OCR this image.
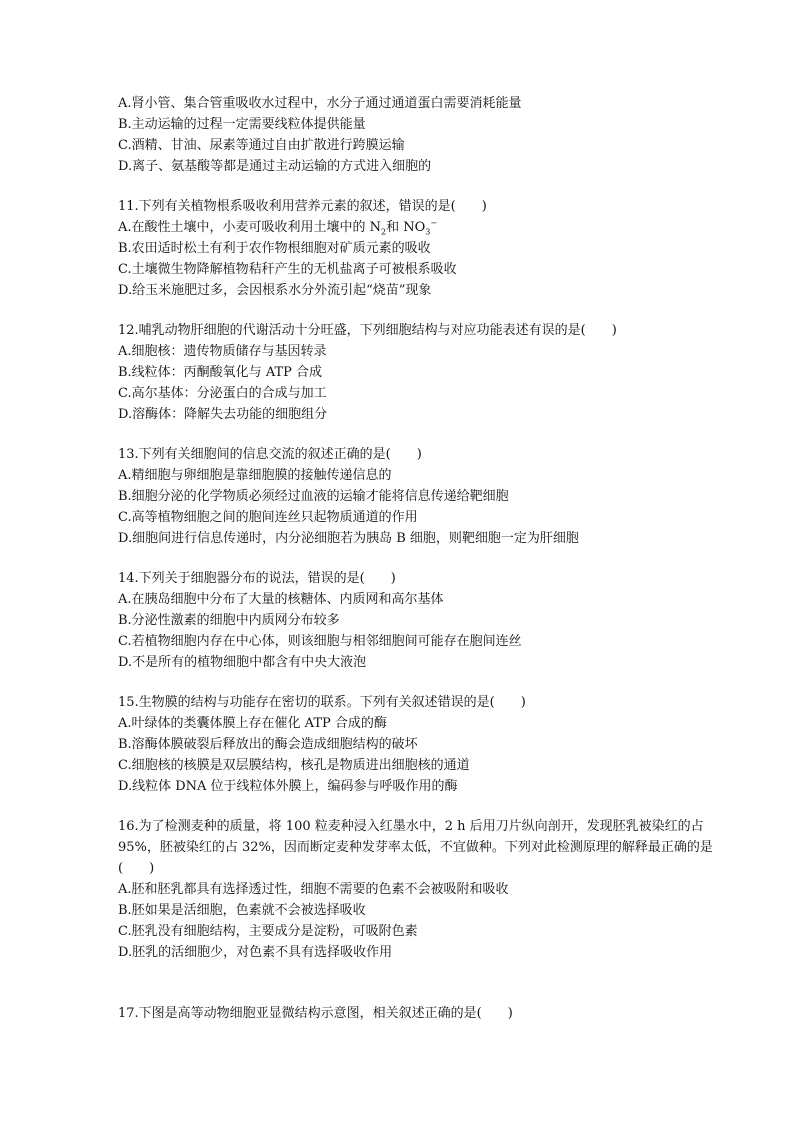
A.肾小管、集合管重吸收水过程中，水分子通过通道蛋白需要消耗能量
B.主动运输的过程一定需要线粒体提供能量
C.酒精、甘油、尿素等通过自由扩散进行跨膜运输
D.离子、氨基酸等都是通过主动运输的方式进入细胞的
11.下列有关植物根系吸收利用营养元素的叙述，错误的是(　　)
A.在酸性土壤中，小麦可吸收利用土壤中的 $N_2$和 $NO_3^-$
B.农田适时松土有利于农作物根细胞对矿质元素的吸收
C.土壤微生物降解植物秸秆产生的无机盐离子可被根系吸收
D.给玉米施肥过多，会因根系水分外流引起“烧苗”现象
12.哺乳动物肝细胞的代谢活动十分旺盛，下列细胞结构与对应功能表述有误的是(　　)
A.细胞核：遗传物质储存与基因转录
B.线粒体：丙酮酸氧化与 ATP 合成
C.高尔基体：分泌蛋白的合成与加工
D.溶酶体：降解失去功能的细胞组分
13.下列有关细胞间的信息交流的叙述正确的是(　　)
A.精细胞与卵细胞是靠细胞膜的接触传递信息的
B.细胞分泌的化学物质必须经过血液的运输才能将信息传递给靶细胞
C.高等植物细胞之间的胞间连丝只起物质通道的作用
D.细胞间进行信息传递时，内分泌细胞若为胰岛 B 细胞，则靶细胞一定为肝细胞
14.下列关于细胞器分布的说法，错误的是(　　)
A.在胰岛细胞中分布了大量的核糖体、内质网和高尔基体
B.分泌性激素的细胞中内质网分布较多
C.若植物细胞内存在中心体，则该细胞与相邻细胞间可能存在胞间连丝
D.不是所有的植物细胞中都含有中央大液泡
15.生物膜的结构与功能存在密切的联系。下列有关叙述错误的是(　　)
A.叶绿体的类囊体膜上存在催化 ATP 合成的酶
B.溶酶体膜破裂后释放出的酶会造成细胞结构的破坏
C.细胞核的核膜是双层膜结构，核孔是物质进出细胞核的通道
D.线粒体 DNA 位于线粒体外膜上，编码参与呼吸作用的酶
16.为了检测麦种的质量，将 100 粒麦种浸入红墨水中，2 h 后用刀片纵向剖开，发现胚乳被染红的占 95%，胚被染红的占 32%，因而断定麦种发芽率太低，不宜做种。下列对此检测原理的解释最正确的是(　　)
A.胚和胚乳都具有选择透过性，细胞不需要的色素不会被吸附和吸收
B.胚如果是活细胞，色素就不会被选择吸收
C.胚乳没有细胞结构，主要成分是淀粉，可吸附色素
D.胚乳的活细胞少，对色素不具有选择吸收作用
17.下图是高等动物细胞亚显微结构示意图，相关叙述正确的是(　　)
